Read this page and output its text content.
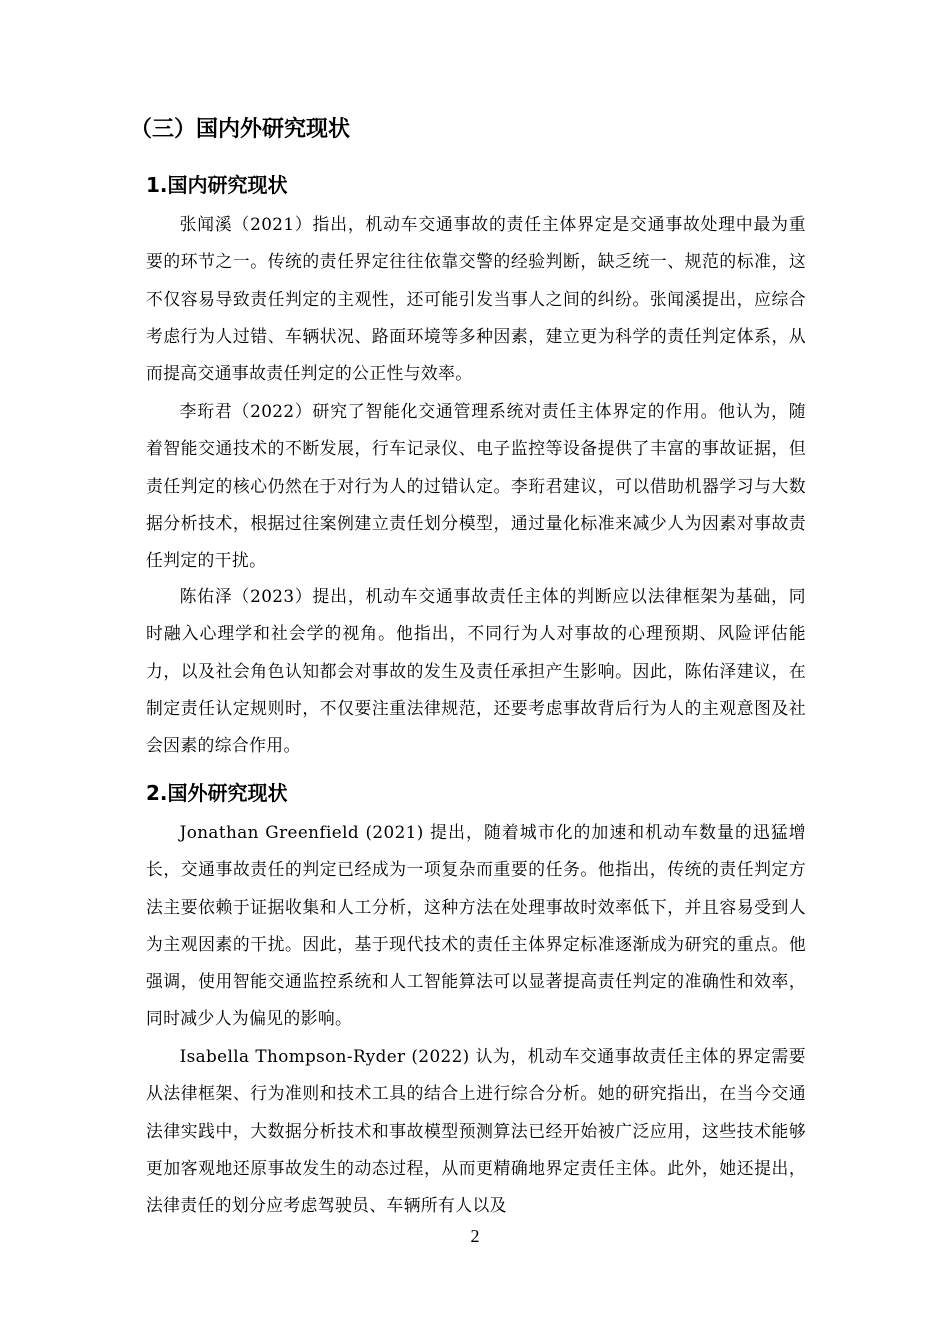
（三）国内外研究现状
1.国内研究现状

张闻溪（2021）指出，机动车交通事故的责任主体界定是交通事故处理中最为重要的环节之一。传统的责任界定往往依靠交警的经验判断，缺乏统一、规范的标准，这不仅容易导致责任判定的主观性，还可能引发当事人之间的纠纷。张闻溪提出，应综合考虑行为人过错、车辆状况、路面环境等多种因素，建立更为科学的责任判定体系，从而提高交通事故责任判定的公正性与效率。

李珩君（2022）研究了智能化交通管理系统对责任主体界定的作用。他认为，随着智能交通技术的不断发展，行车记录仪、电子监控等设备提供了丰富的事故证据，但责任判定的核心仍然在于对行为人的过错认定。李珩君建议，可以借助机器学习与大数据分析技术，根据过往案例建立责任划分模型，通过量化标准来减少人为因素对事故责任判定的干扰。

陈佑泽（2023）提出，机动车交通事故责任主体的判断应以法律框架为基础，同时融入心理学和社会学的视角。他指出，不同行为人对事故的心理预期、风险评估能力，以及社会角色认知都会对事故的发生及责任承担产生影响。因此，陈佑泽建议，在制定责任认定规则时，不仅要注重法律规范，还要考虑事故背后行为人的主观意图及社会因素的综合作用。

2.国外研究现状

Jonathan Greenfield (2021) 提出，随着城市化的加速和机动车数量的迅猛增长，交通事故责任的判定已经成为一项复杂而重要的任务。他指出，传统的责任判定方法主要依赖于证据收集和人工分析，这种方法在处理事故时效率低下，并且容易受到人为主观因素的干扰。因此，基于现代技术的责任主体界定标准逐渐成为研究的重点。他强调，使用智能交通监控系统和人工智能算法可以显著提高责任判定的准确性和效率，同时减少人为偏见的影响。

Isabella Thompson-Ryder (2022) 认为，机动车交通事故责任主体的界定需要从法律框架、行为准则和技术工具的结合上进行综合分析。她的研究指出，在当今交通法律实践中，大数据分析技术和事故模型预测算法已经开始被广泛应用，这些技术能够更加客观地还原事故发生的动态过程，从而更精确地界定责任主体。此外，她还提出，法律责任的划分应考虑驾驶员、车辆所有人以及

2
